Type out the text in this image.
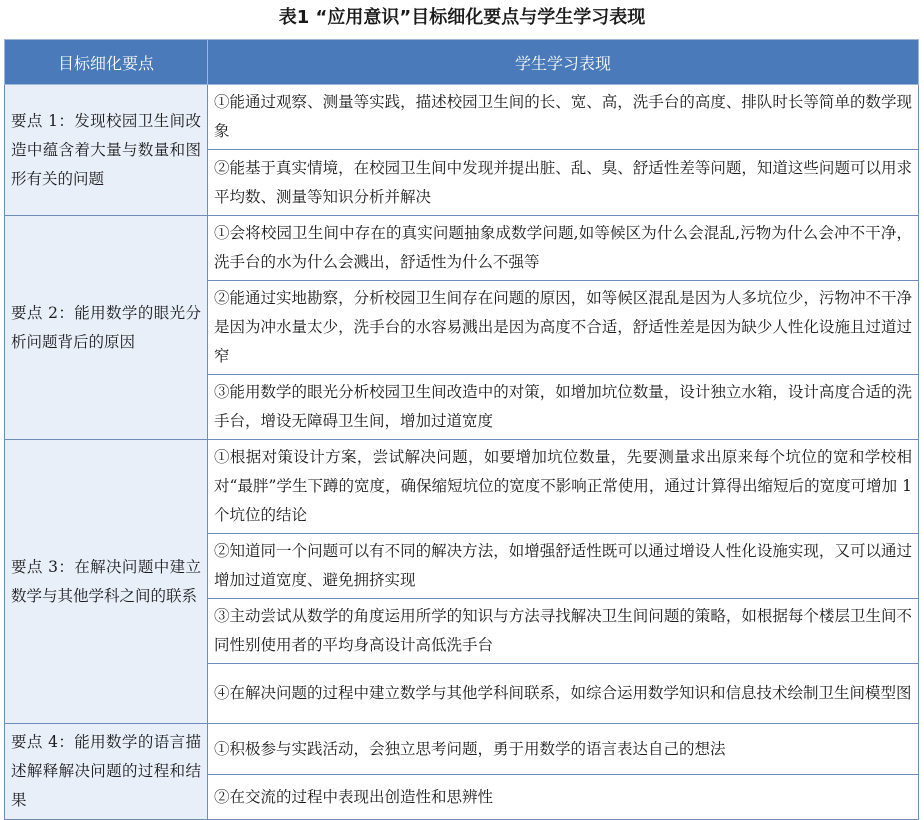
表1 “应用意识”目标细化要点与学生学习表现
目标细化要点	学生学习表现
要点 1：发现校园卫生间改造中蕴含着大量与数量和图形有关的问题	①能通过观察、测量等实践，描述校园卫生间的长、宽、高，洗手台的高度、排队时长等简单的数学现象
	②能基于真实情境，在校园卫生间中发现并提出脏、乱、臭、舒适性差等问题，知道这些问题可以用求平均数、测量等知识分析并解决
要点 2：能用数学的眼光分析问题背后的原因	①会将校园卫生间中存在的真实问题抽象成数学问题,如等候区为什么会混乱,污物为什么会冲不干净，洗手台的水为什么会溅出，舒适性为什么不强等
	②能通过实地勘察，分析校园卫生间存在问题的原因，如等候区混乱是因为人多坑位少，污物冲不干净是因为冲水量太少，洗手台的水容易溅出是因为高度不合适，舒适性差是因为缺少人性化设施且过道过窄
	③能用数学的眼光分析校园卫生间改造中的对策，如增加坑位数量，设计独立水箱，设计高度合适的洗手台，增设无障碍卫生间，增加过道宽度
要点 3：在解决问题中建立数学与其他学科之间的联系	①根据对策设计方案，尝试解决问题，如要增加坑位数量，先要测量求出原来每个坑位的宽和学校相对“最胖”学生下蹲的宽度，确保缩短坑位的宽度不影响正常使用，通过计算得出缩短后的宽度可增加 1 个坑位的结论
	②知道同一个问题可以有不同的解决方法，如增强舒适性既可以通过增设人性化设施实现，又可以通过增加过道宽度、避免拥挤实现
	③主动尝试从数学的角度运用所学的知识与方法寻找解决卫生间问题的策略，如根据每个楼层卫生间不同性别使用者的平均身高设计高低洗手台
	④在解决问题的过程中建立数学与其他学科间联系，如综合运用数学知识和信息技术绘制卫生间模型图
要点 4：能用数学的语言描述解释解决问题的过程和结果	①积极参与实践活动，会独立思考问题，勇于用数学的语言表达自己的想法
	②在交流的过程中表现出创造性和思辨性
